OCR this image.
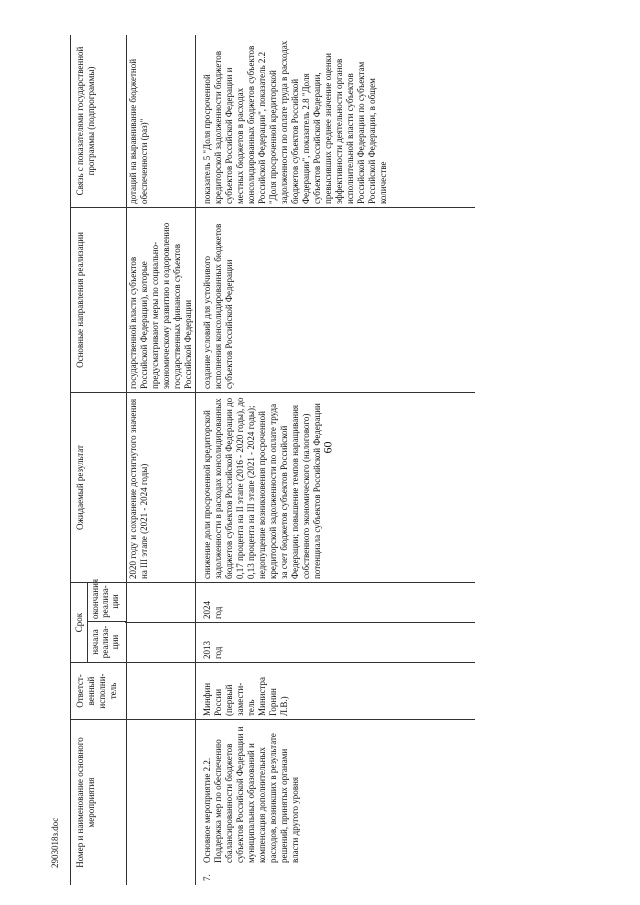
60
2903018з.doc	Номер и наименование основного мероприятия
Ответст-венный исполни-тель
Срок
начала реализа-ции
окончания реализа-ции
Ожидаемый результат
Основные направления реализации
Связь с показателями государственной программы (подпрограммы)
2020 году и сохранение достигнутого значения на III этапе (2021 - 2024 годы)
государственной власти субъектов Российской Федерации), которые предусматривают меры по социально-экономическому развитию и оздоровлению государственных финансов субъектов Российской Федерации
дотаций на выравнивание бюджетной обеспеченности (раз)"
7.
Основное мероприятие 2.2. Поддержка мер по обеспечению сбалансированности бюджетов субъектов Российской Федерации и муниципальных образований и компенсация дополнительных расходов, возникших в результате решений, принятых органами власти другого уровня
Минфин России (первый замести-тель Министра Горнин Л.В.)
2013 год
2024 год
снижение доли просроченной кредиторской задолженности в расходах консолидированных бюджетов субъектов Российской Федерации до 0,17 процента на II этапе (2016 - 2020 годы), до 0,13 процента на III этапе (2021 - 2024 годы); недопущение возникновения просроченной кредиторской задолженности по оплате труда за счет бюджетов субъектов Российской Федерации; повышение темпов наращивания собственного экономического (налогового) потенциала субъектов Российской Федерации
создание условий для устойчивого исполнения консолидированных бюджетов субъектов Российской Федерации
показатель 5 "Доля просроченной кредиторской задолженности бюджетов субъектов Российской Федерации и местных бюджетов в расходах консолидированных бюджетов субъектов Российской Федерации", показатель 2.2 "Доля просроченной кредиторской задолженности по оплате труда в расходах бюджетов субъектов Российской Федерации", показатель 2.8 "Доля субъектов Российской Федерации, превысивших среднее значение оценки эффективности деятельности органов исполнительной власти субъектов Российской Федерации по субъектам Российской Федерации, в общем количестве
